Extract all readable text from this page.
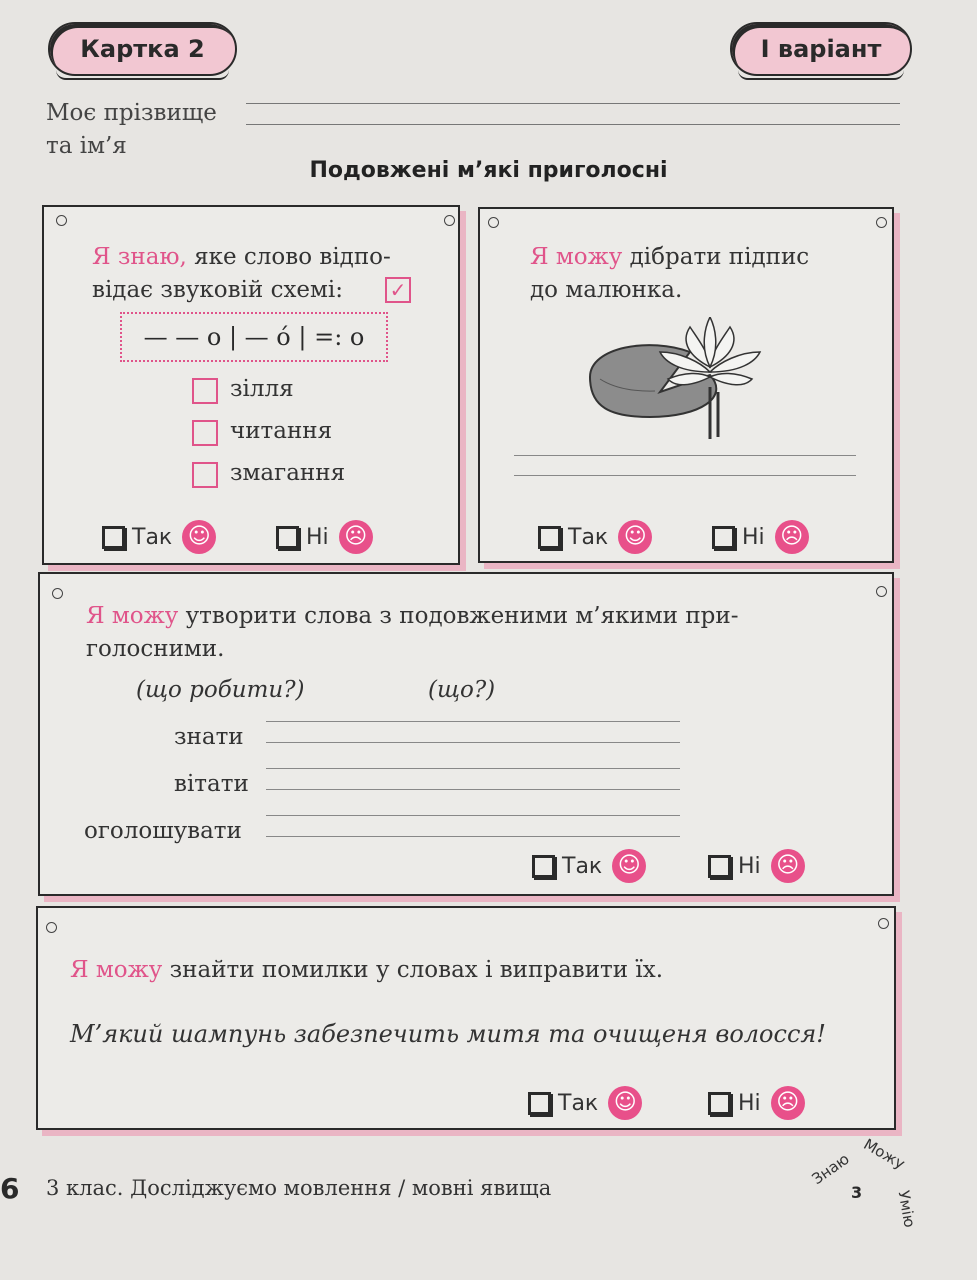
Картка 2	І варіант
Моє прізвище
та ім’я
Подовжені м’які приголосні
Я знаю, яке слово відпо-
відає звуковій схемі:	✓
— — о | — о́ | =: о
зілля
читання
змагання
Так ☺	Ні ☹
Я можу дібрати підпис
до малюнка.
Так ☺	Ні ☹
Я можу утворити слова з подовженими м’якими при-
голосними.
(що робити?)	(що?)
знати
вітати
оголошувати
Так ☺	Ні ☹
Я можу знайти помилки у словах і виправити їх.
М’який шампунь забезпечить митя та очищеня волосся!
Так ☺	Ні ☹
6 3 клас. Досліджуємо мовлення / мовні явища	3
Знаю Можу
Умію
